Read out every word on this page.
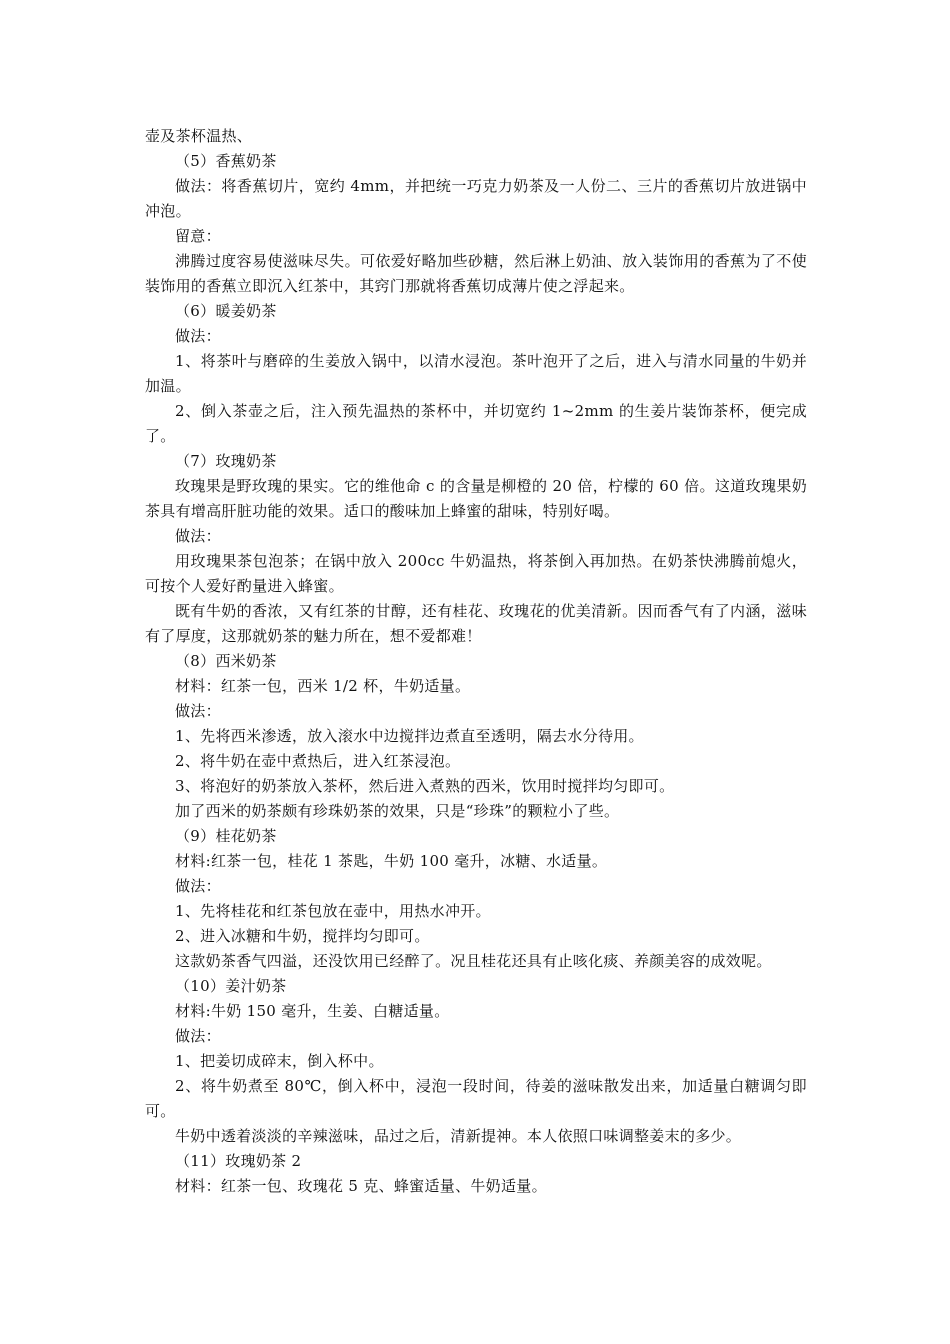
壶及茶杯温热、

（5）香蕉奶茶

做法：将香蕉切片，宽约 4mm，并把统一巧克力奶茶及一人份二、三片的香蕉切片放进锅中冲泡。

留意：

沸腾过度容易使滋味尽失。可依爱好略加些砂糖，然后淋上奶油、放入装饰用的香蕉为了不使装饰用的香蕉立即沉入红茶中，其窍门那就将香蕉切成薄片使之浮起来。

（6）暖姜奶茶

做法：

1、将茶叶与磨碎的生姜放入锅中，以清水浸泡。茶叶泡开了之后，进入与清水同量的牛奶并加温。

2、倒入茶壶之后，注入预先温热的茶杯中，并切宽约 1~2mm 的生姜片装饰茶杯，便完成了。

（7）玫瑰奶茶

玫瑰果是野玫瑰的果实。它的维他命 c 的含量是柳橙的 20 倍，柠檬的 60 倍。这道玫瑰果奶茶具有增高肝脏功能的效果。适口的酸味加上蜂蜜的甜味，特别好喝。

做法：

用玫瑰果茶包泡茶；在锅中放入 200cc 牛奶温热，将茶倒入再加热。在奶茶快沸腾前熄火，可按个人爱好酌量进入蜂蜜。

既有牛奶的香浓，又有红茶的甘醇，还有桂花、玫瑰花的优美清新。因而香气有了内涵，滋味有了厚度，这那就奶茶的魅力所在，想不爱都难！

（8）西米奶茶

材料：红茶一包，西米 1/2 杯，牛奶适量。

做法：

1、先将西米渗透，放入滚水中边搅拌边煮直至透明，隔去水分待用。

2、将牛奶在壶中煮热后，进入红茶浸泡。

3、将泡好的奶茶放入茶杯，然后进入煮熟的西米，饮用时搅拌均匀即可。

加了西米的奶茶颇有珍珠奶茶的效果，只是“珍珠”的颗粒小了些。

（9）桂花奶茶

材料:红茶一包，桂花 1 茶匙，牛奶 100 毫升，冰糖、水适量。

做法：

1、先将桂花和红茶包放在壶中，用热水冲开。

2、进入冰糖和牛奶，搅拌均匀即可。

这款奶茶香气四溢，还没饮用已经醉了。况且桂花还具有止咳化痰、养颜美容的成效呢。

（10）姜汁奶茶

材料:牛奶 150 毫升，生姜、白糖适量。

做法：

1、把姜切成碎末，倒入杯中。

2、将牛奶煮至 80℃，倒入杯中，浸泡一段时间，待姜的滋味散发出来，加适量白糖调匀即可。

牛奶中透着淡淡的辛辣滋味，品过之后，清新提神。本人依照口味调整姜末的多少。

（11）玫瑰奶茶 2

材料：红茶一包、玫瑰花 5 克、蜂蜜适量、牛奶适量。
